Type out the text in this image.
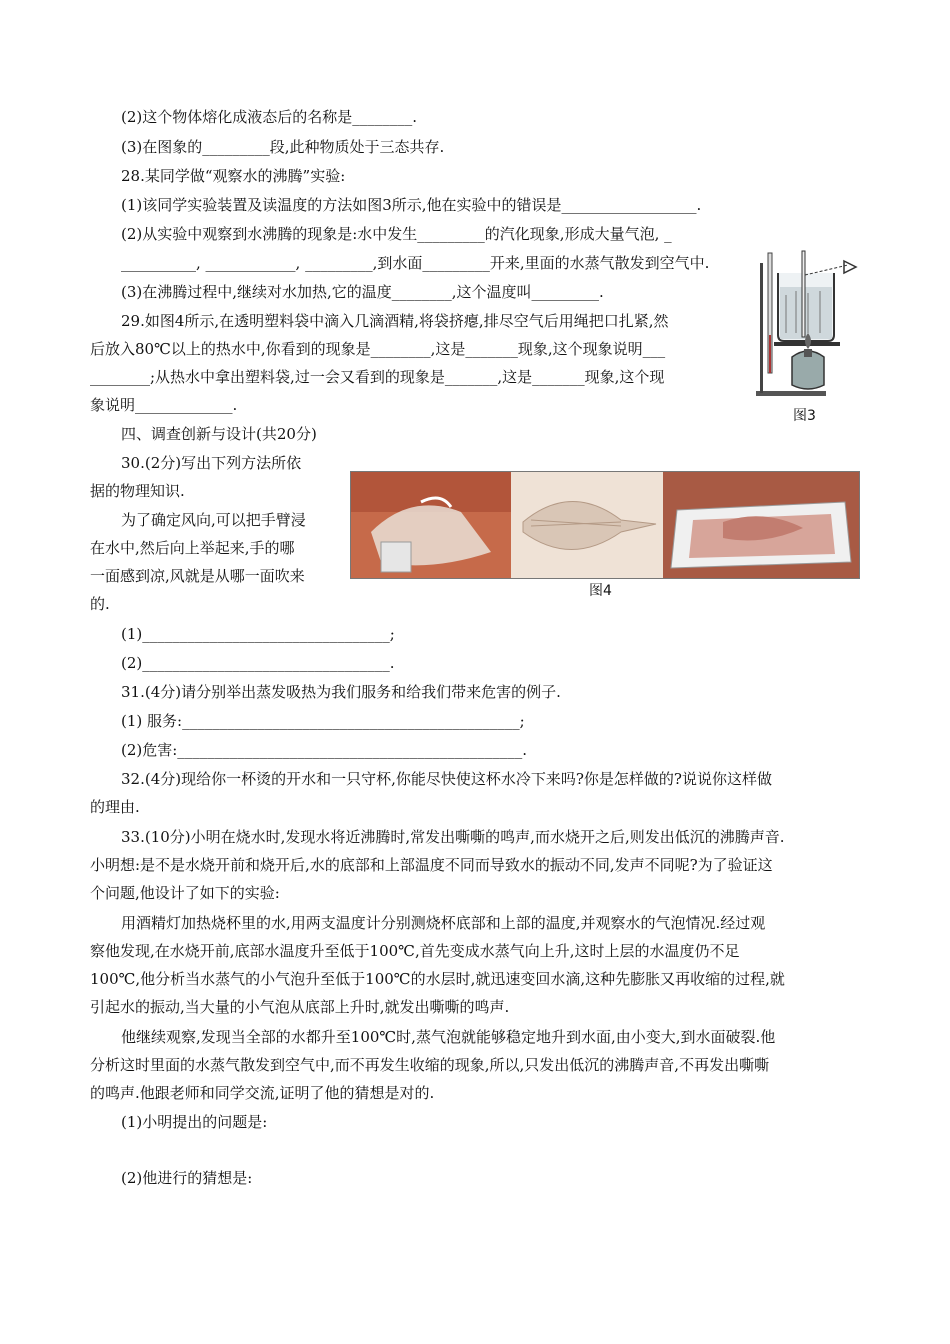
(2)这个物体熔化成液态后的名称是________.
(3)在图象的_________段,此种物质处于三态共存.
28.某同学做“观察水的沸腾”实验:
(1)该同学实验装置及读温度的方法如图3所示,他在实验中的错误是__________________.
(2)从实验中观察到水沸腾的现象是:水中发生_________的汽化现象,形成大量气泡, _
__________, ____________, _________,到水面_________开来,里面的水蒸气散发到空气中.
(3)在沸腾过程中,继续对水加热,它的温度________,这个温度叫_________.
29.如图4所示,在透明塑料袋中滴入几滴酒精,将袋挤瘪,排尽空气后用绳把口扎紧,然
后放入80℃以上的热水中,你看到的现象是________,这是_______现象,这个现象说明___
________;从热水中拿出塑料袋,过一会又看到的现象是_______,这是_______现象,这个现
象说明_____________.
四、调查创新与设计(共20分)
30.(2分)写出下列方法所依
据的物理知识.
为了确定风向,可以把手臂浸
在水中,然后向上举起来,手的哪
一面感到凉,风就是从哪一面吹来
的.
(1)_________________________________;
(2)_________________________________.
31.(4分)请分别举出蒸发吸热为我们服务和给我们带来危害的例子.
(1) 服务:_____________________________________________;
(2)危害:______________________________________________.
32.(4分)现给你一杯烫的开水和一只守杯,你能尽快使这杯水冷下来吗?你是怎样做的?说说你这样做
的理由.
33.(10分)小明在烧水时,发现水将近沸腾时,常发出嘶嘶的鸣声,而水烧开之后,则发出低沉的沸腾声音.
小明想:是不是水烧开前和烧开后,水的底部和上部温度不同而导致水的振动不同,发声不同呢?为了验证这
个问题,他设计了如下的实验:
用酒精灯加热烧杯里的水,用两支温度计分别测烧杯底部和上部的温度,并观察水的气泡情况.经过观
察他发现,在水烧开前,底部水温度升至低于100℃,首先变成水蒸气向上升,这时上层的水温度仍不足
100℃,他分析当水蒸气的小气泡升至低于100℃的水层时,就迅速变回水滴,这种先膨胀又再收缩的过程,就
引起水的振动,当大量的小气泡从底部上升时,就发出嘶嘶的鸣声.
他继续观察,发现当全部的水都升至100℃时,蒸气泡就能够稳定地升到水面,由小变大,到水面破裂.他
分析这时里面的水蒸气散发到空气中,而不再发生收缩的现象,所以,只发出低沉的沸腾声音,不再发出嘶嘶
的鸣声.他跟老师和同学交流,证明了他的猜想是对的.
(1)小明提出的问题是:
(2)他进行的猜想是:
图3
图4
